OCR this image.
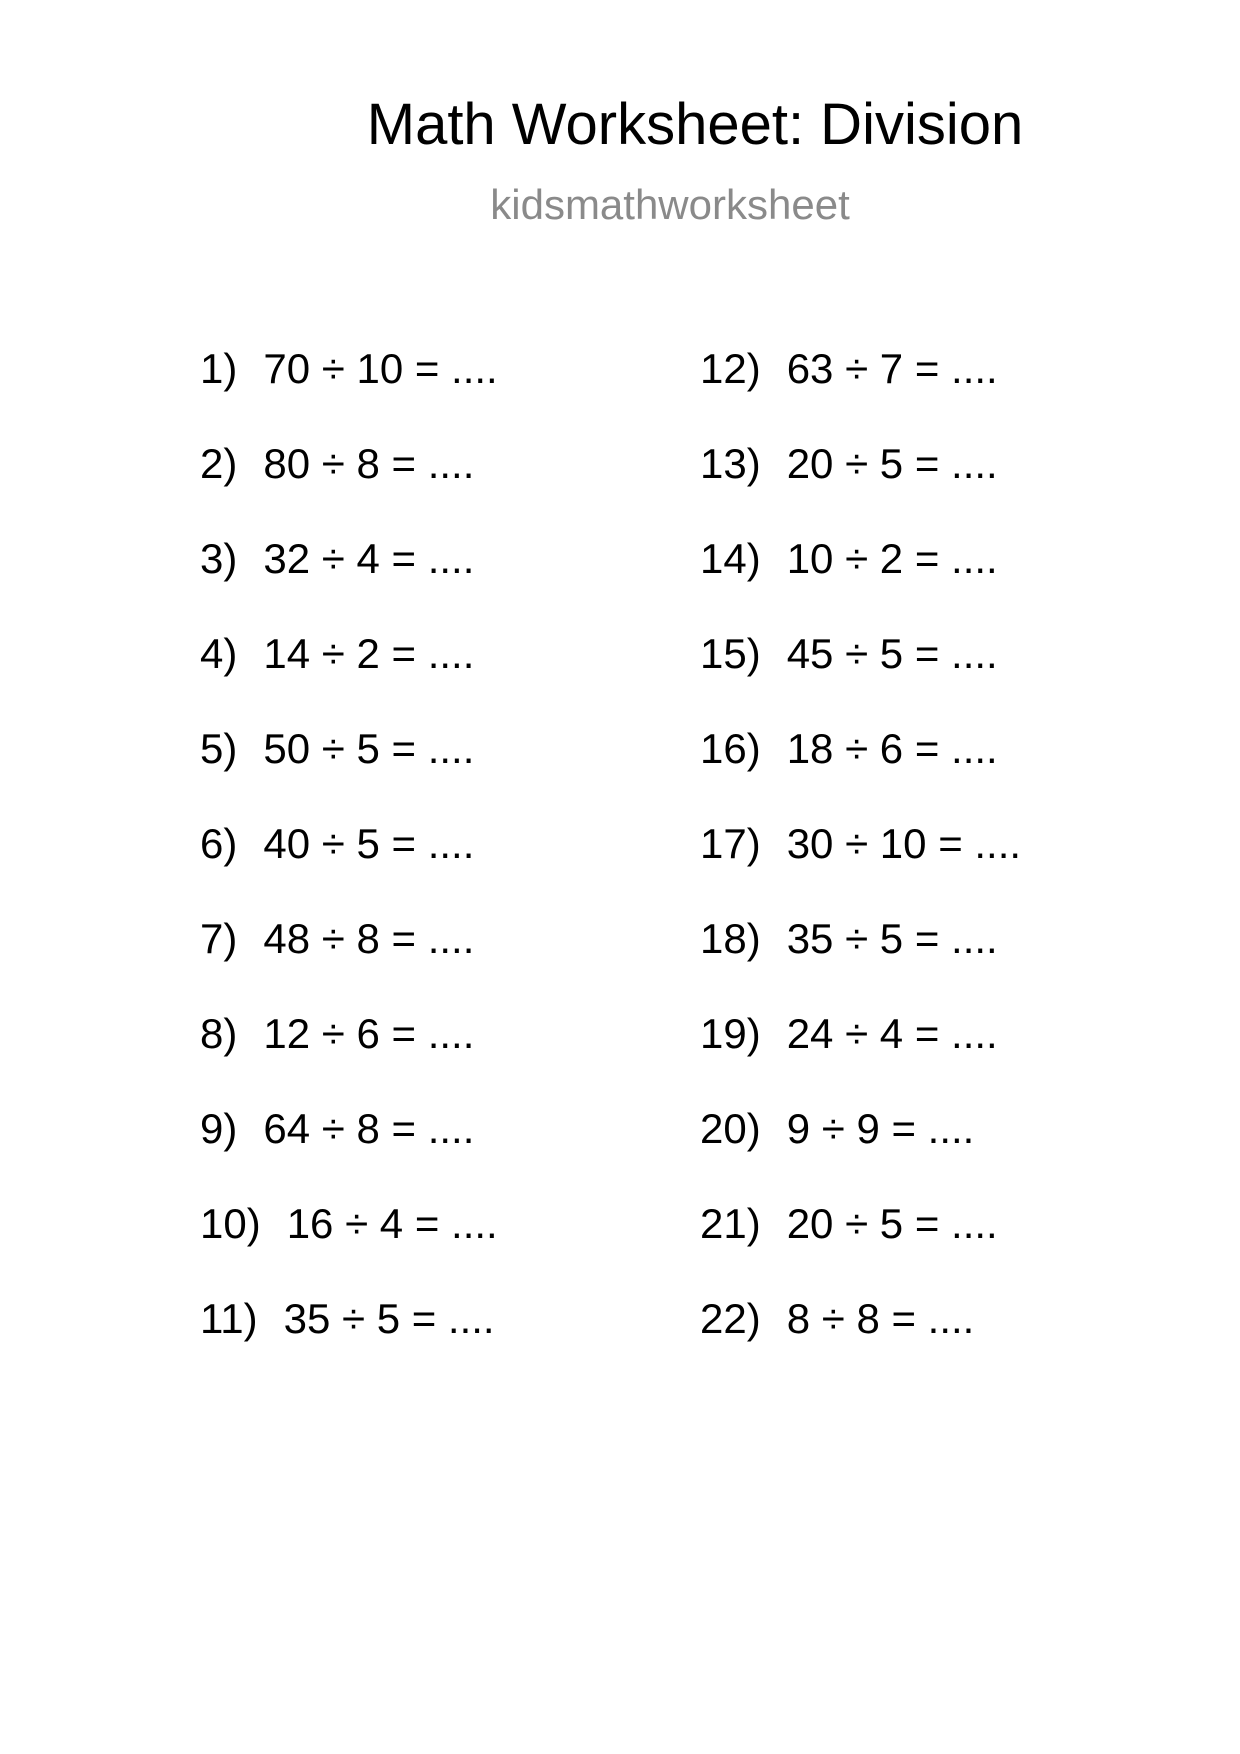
Math Worksheet: Division
kidsmathworksheet
1) 70 ÷ 10 = ....
2) 80 ÷ 8 = ....
3) 32 ÷ 4 = ....
4) 14 ÷ 2 = ....
5) 50 ÷ 5 = ....
6) 40 ÷ 5 = ....
7) 48 ÷ 8 = ....
8) 12 ÷ 6 = ....
9) 64 ÷ 8 = ....
10) 16 ÷ 4 = ....
11) 35 ÷ 5 = ....
12) 63 ÷ 7 = ....
13) 20 ÷ 5 = ....
14) 10 ÷ 2 = ....
15) 45 ÷ 5 = ....
16) 18 ÷ 6 = ....
17) 30 ÷ 10 = ....
18) 35 ÷ 5 = ....
19) 24 ÷ 4 = ....
20) 9 ÷ 9 = ....
21) 20 ÷ 5 = ....
22) 8 ÷ 8 = ....
